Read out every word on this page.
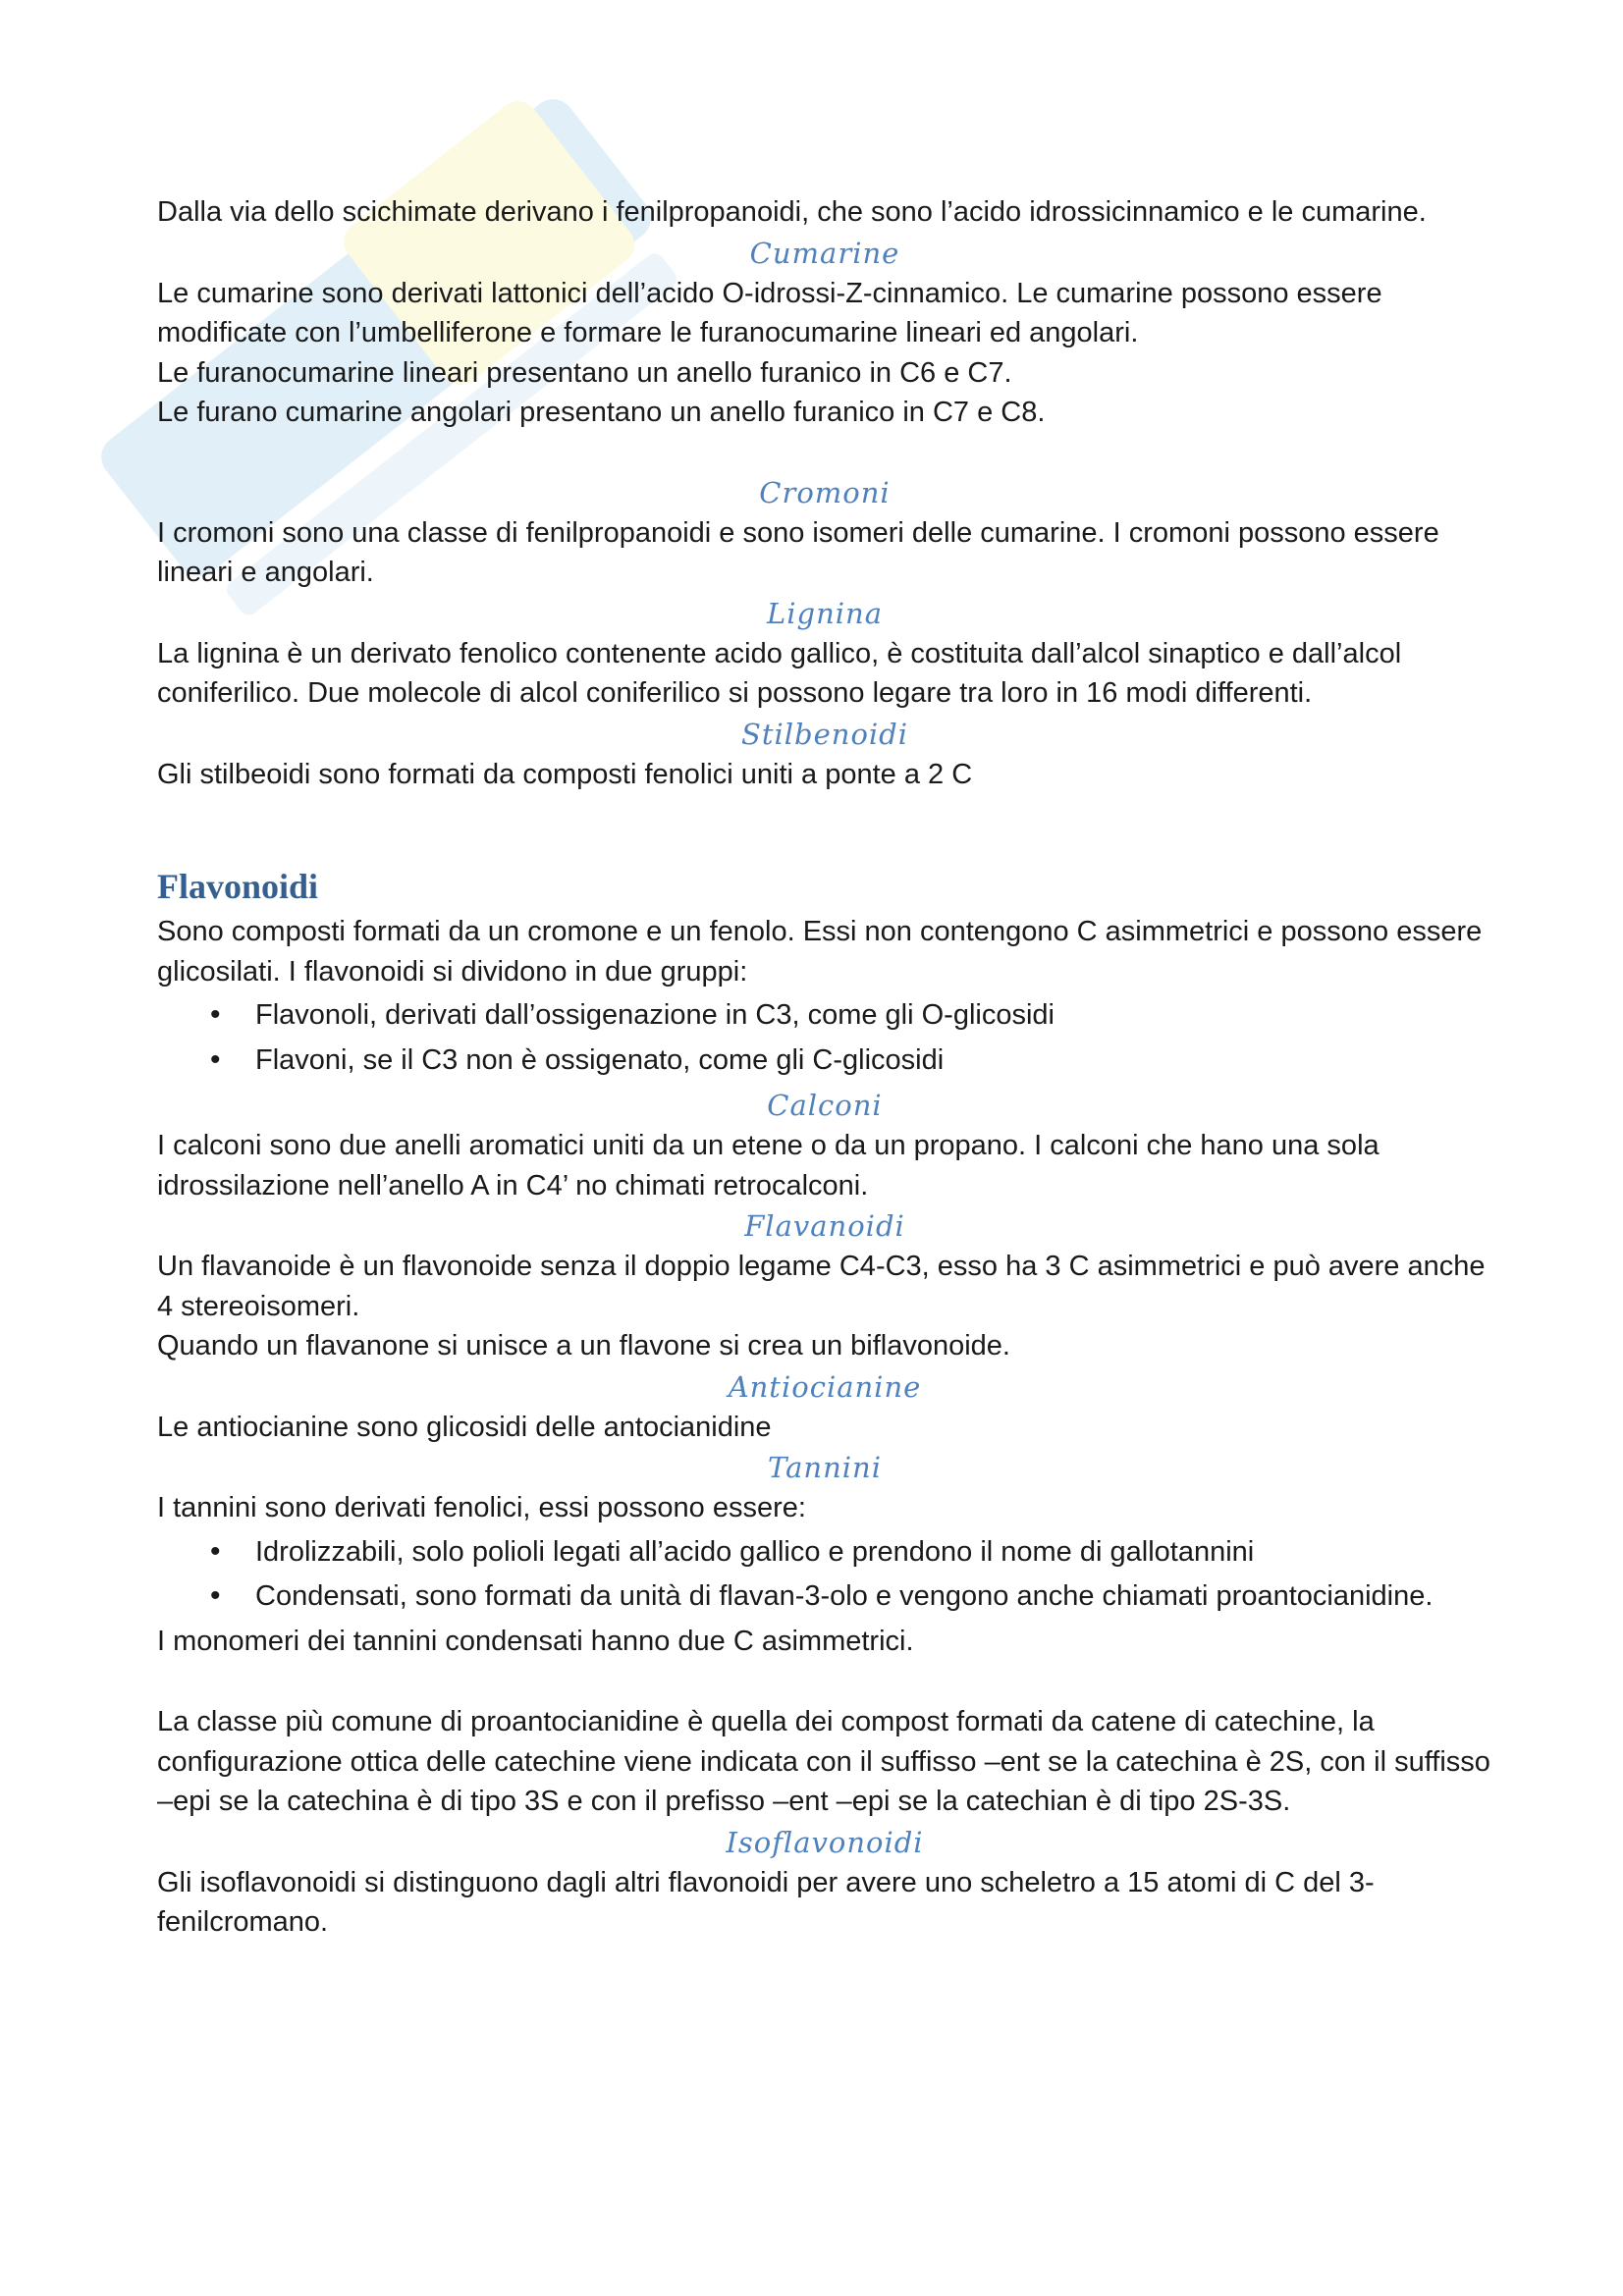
Dalla via dello scichimate derivano i fenilpropanoidi, che sono l’acido idrossicinnamico e le cumarine.

Cumarine

Le cumarine sono derivati lattonici dell’acido O-idrossi-Z-cinnamico. Le cumarine possono essere modificate con l’umbelliferone e formare le furanocumarine lineari ed angolari.

Le furanocumarine lineari presentano un anello furanico in C6 e C7.

Le furano cumarine angolari presentano un anello furanico in C7 e C8.

Cromoni

I cromoni sono una classe di fenilpropanoidi e sono isomeri delle cumarine. I cromoni possono essere lineari e angolari.

Lignina

La lignina è un derivato fenolico contenente acido gallico, è costituita dall’alcol sinaptico e dall’alcol coniferilico. Due molecole di alcol coniferilico si possono legare tra loro in 16 modi differenti.

Stilbenoidi

Gli stilbeoidi sono formati da composti fenolici uniti a ponte a 2 C

Flavonoidi

Sono composti formati da un cromone e un fenolo. Essi non contengono C asimmetrici e possono essere glicosilati. I flavonoidi si dividono in due gruppi:

• Flavonoli, derivati dall’ossigenazione in C3, come gli O-glicosidi
• Flavoni, se il C3 non è ossigenato, come gli C-glicosidi

Calconi

I calconi sono due anelli aromatici uniti da un etene o da un propano. I calconi che hano una sola idrossilazione nell’anello A in C4’ no chimati retrocalconi.

Flavanoidi

Un flavanoide è un flavonoide senza il doppio legame C4-C3, esso ha 3 C asimmetrici e può avere anche 4 stereoisomeri.

Quando un flavanone si unisce a un flavone si crea un biflavonoide.

Antiocianine

Le antiocianine sono glicosidi delle antocianidine

Tannini

I tannini sono derivati fenolici, essi possono essere:

• Idrolizzabili, solo polioli legati all’acido gallico e prendono il nome di gallotannini
• Condensati, sono formati da unità di flavan-3-olo e vengono anche chiamati proantocianidine.

I monomeri dei tannini condensati hanno due C asimmetrici.

La classe più comune di proantocianidine è quella dei compost formati da catene di catechine, la configurazione ottica delle catechine viene indicata con il suffisso –ent se la catechina è 2S, con il suffisso

–epi se la catechina è di tipo 3S e con il prefisso –ent –epi se la catechian è di tipo 2S-3S.

Isoflavonoidi

Gli isoflavonoidi si distinguono dagli altri flavonoidi per avere uno scheletro a 15 atomi di C del 3-fenilcromano.
